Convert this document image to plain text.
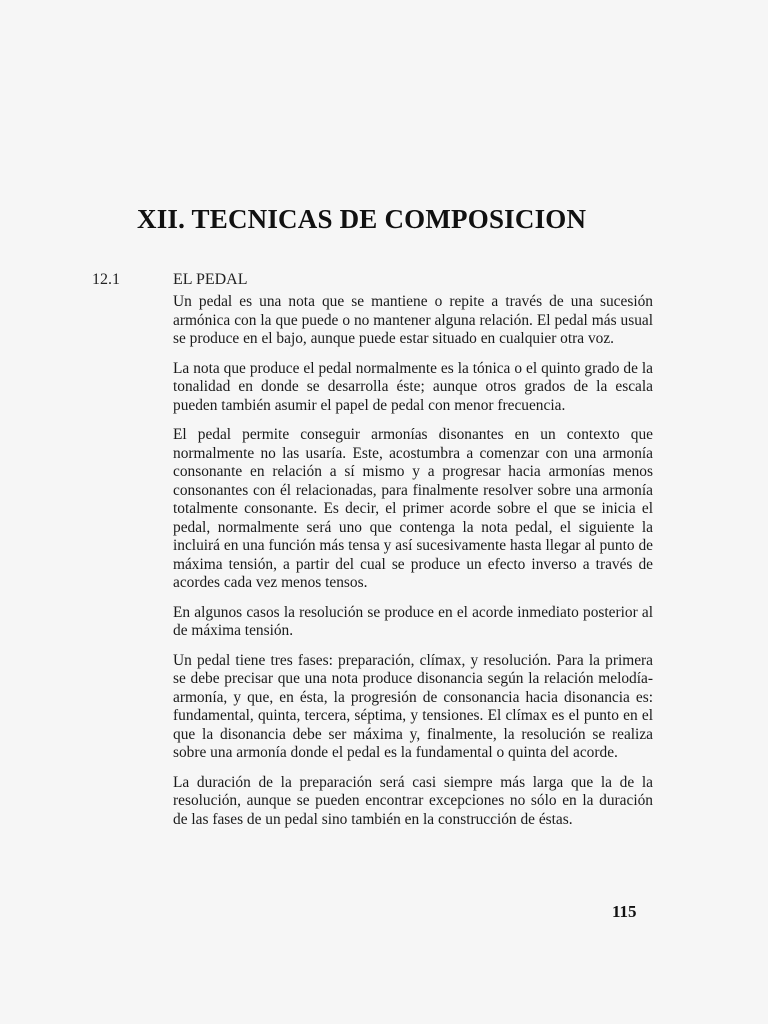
XII. TECNICAS DE COMPOSICION
12.1	EL PEDAL

Un pedal es una nota que se mantiene o repite a través de una sucesión armónica con la que puede o no mantener alguna relación. El pedal más usual se produce en el bajo, aunque puede estar situado en cualquier otra voz.

La nota que produce el pedal normalmente es la tónica o el quinto grado de la tonalidad en donde se desarrolla éste; aunque otros grados de la escala pueden también asumir el papel de pedal con menor frecuencia.

El pedal permite conseguir armonías disonantes en un contexto que normalmente no las usaría. Este, acostumbra a comenzar con una armonía consonante en relación a sí mismo y a progresar hacia armonías menos consonantes con él relacionadas, para finalmente resolver sobre una armonía totalmente consonante. Es decir, el primer acorde sobre el que se inicia el pedal, normalmente será uno que contenga la nota pedal, el siguiente la incluirá en una función más tensa y así sucesivamente hasta llegar al punto de máxima tensión, a partir del cual se produce un efecto inverso a través de acordes cada vez menos tensos.

En algunos casos la resolución se produce en el acorde inmediato posterior al de máxima tensión.

Un pedal tiene tres fases: preparación, clímax, y resolución. Para la primera se debe precisar que una nota produce disonancia según la relación melodía-armonía, y que, en ésta, la progresión de consonancia hacia disonancia es: fundamental, quinta, tercera, séptima, y tensiones. El clímax es el punto en el que la disonancia debe ser máxima y, finalmente, la resolución se realiza sobre una armonía donde el pedal es la fundamental o quinta del acorde.

La duración de la preparación será casi siempre más larga que la de la resolución, aunque se pueden encontrar excepciones no sólo en la duración de las fases de un pedal sino también en la construcción de éstas.

115
